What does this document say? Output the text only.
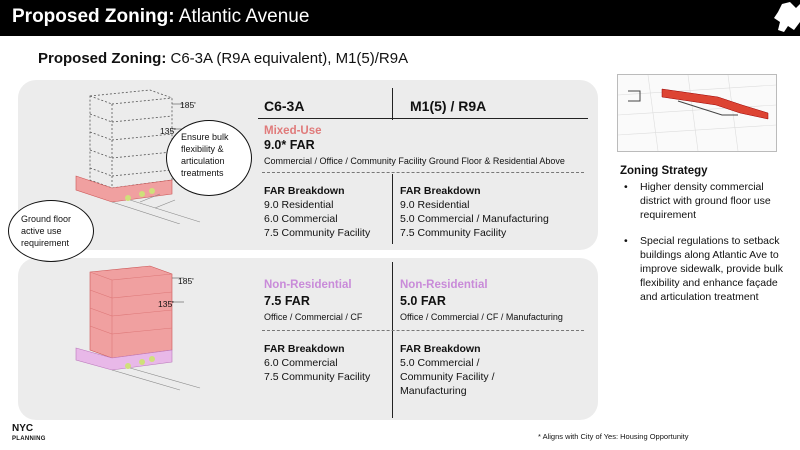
Proposed Zoning: Atlantic Avenue
Proposed Zoning: C6-3A (R9A equivalent), M1(5)/R9A
185'
135'
Ensure bulk
flexibility &
articulation
treatments
Ground floor
active use
requirement
185'
135'
C6-3A	M1(5) / R9A
Mixed-Use
9.0* FAR
Commercial / Office / Community Facility Ground Floor & Residential Above
FAR Breakdown
9.0 Residential
6.0 Commercial
7.5 Community Facility
FAR Breakdown
9.0 Residential
5.0 Commercial / Manufacturing
7.5 Community Facility
Non-Residential
7.5 FAR
Office / Commercial / CF
Non-Residential
5.0 FAR
Office / Commercial / CF / Manufacturing
FAR Breakdown
6.0 Commercial
7.5 Community Facility
FAR Breakdown
5.0 Commercial /
Community Facility /
Manufacturing
Zoning Strategy
• Higher density commercial district with ground floor use requirement
• Special regulations to setback buildings along Atlantic Ave to improve sidewalk, provide bulk flexibility and enhance façade and articulation treatment
NYC
PLANNING	* Aligns with City of Yes: Housing Opportunity
